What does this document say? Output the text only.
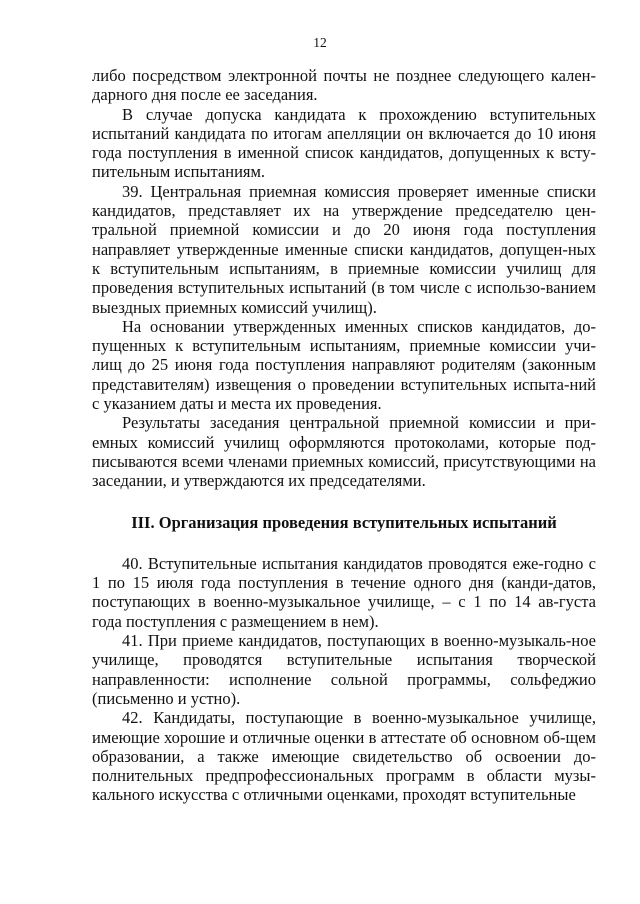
12

либо посредством электронной почты не позднее следующего кален-дарного дня после ее заседания.

В случае допуска кандидата к прохождению вступительных испытаний кандидата по итогам апелляции он включается до 10 июня года поступления в именной список кандидатов, допущенных к всту-пительным испытаниям.

39. Центральная приемная комиссия проверяет именные списки кандидатов, представляет их на утверждение председателю цен-тральной приемной комиссии и до 20 июня года поступления направляет утвержденные именные списки кандидатов, допущен-ных к вступительным испытаниям, в приемные комиссии училищ для проведения вступительных испытаний (в том числе с использо-ванием выездных приемных комиссий училищ).

На основании утвержденных именных списков кандидатов, до-пущенных к вступительным испытаниям, приемные комиссии учи-лищ до 25 июня года поступления направляют родителям (законным представителям) извещения о проведении вступительных испыта-ний с указанием даты и места их проведения.

Результаты заседания центральной приемной комиссии и при-емных комиссий училищ оформляются протоколами, которые под-писываются всеми членами приемных комиссий, присутствующими на заседании, и утверждаются их председателями.

III. Организация проведения вступительных испытаний

40. Вступительные испытания кандидатов проводятся еже-годно с 1 по 15 июля года поступления в течение одного дня (канди-датов, поступающих в военно-музыкальное училище, – с 1 по 14 ав-густа года поступления с размещением в нем).

41. При приеме кандидатов, поступающих в военно-музыкаль-ное училище, проводятся вступительные испытания творческой направленности: исполнение сольной программы, сольфеджио (письменно и устно).

42. Кандидаты, поступающие в военно-музыкальное училище, имеющие хорошие и отличные оценки в аттестате об основном об-щем образовании, а также имеющие свидетельство об освоении до-полнительных предпрофессиональных программ в области музы-кального искусства с отличными оценками, проходят вступительные
